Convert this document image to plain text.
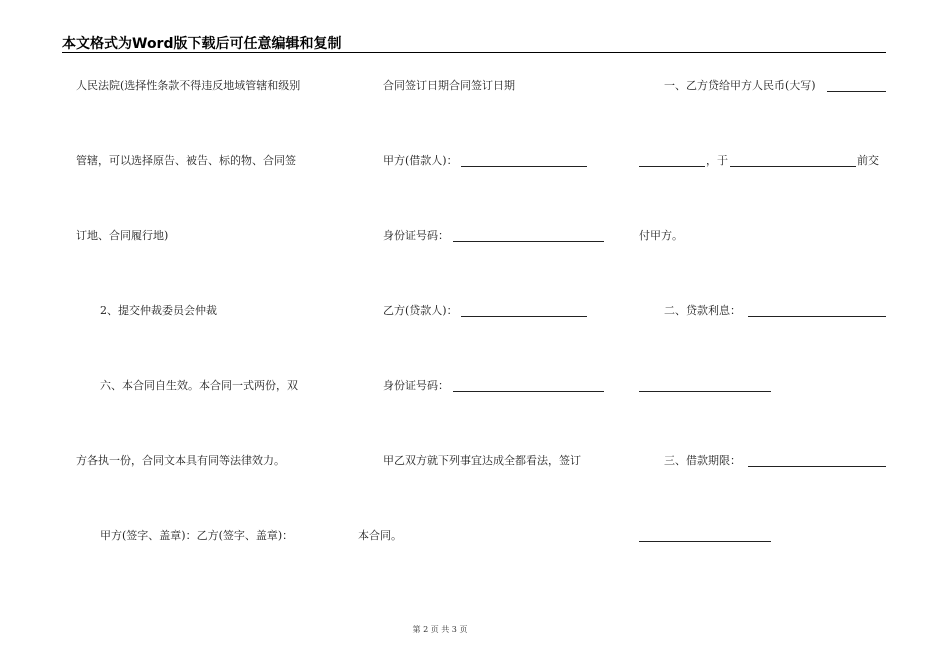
本文格式为Word版下载后可任意编辑和复制
人民法院(选择性条款不得违反地域管辖和级别
管辖，可以选择原告、被告、标的物、合同签
订地、合同履行地)
2、提交仲裁委员会仲裁
六、本合同自生效。本合同一式两份，双
方各执一份，合同文本具有同等法律效力。
甲方(签字、盖章)：乙方(签字、盖章)：
合同签订日期合同签订日期
甲方(借款人)：
身份证号码：
乙方(贷款人)：
身份证号码：
甲乙双方就下列事宜达成全都看法，签订
本合同。
一、乙方贷给甲方人民币(大写)
，于	前交
付甲方。
二、贷款利息：
三、借款期限：
第 2 页 共 3 页
